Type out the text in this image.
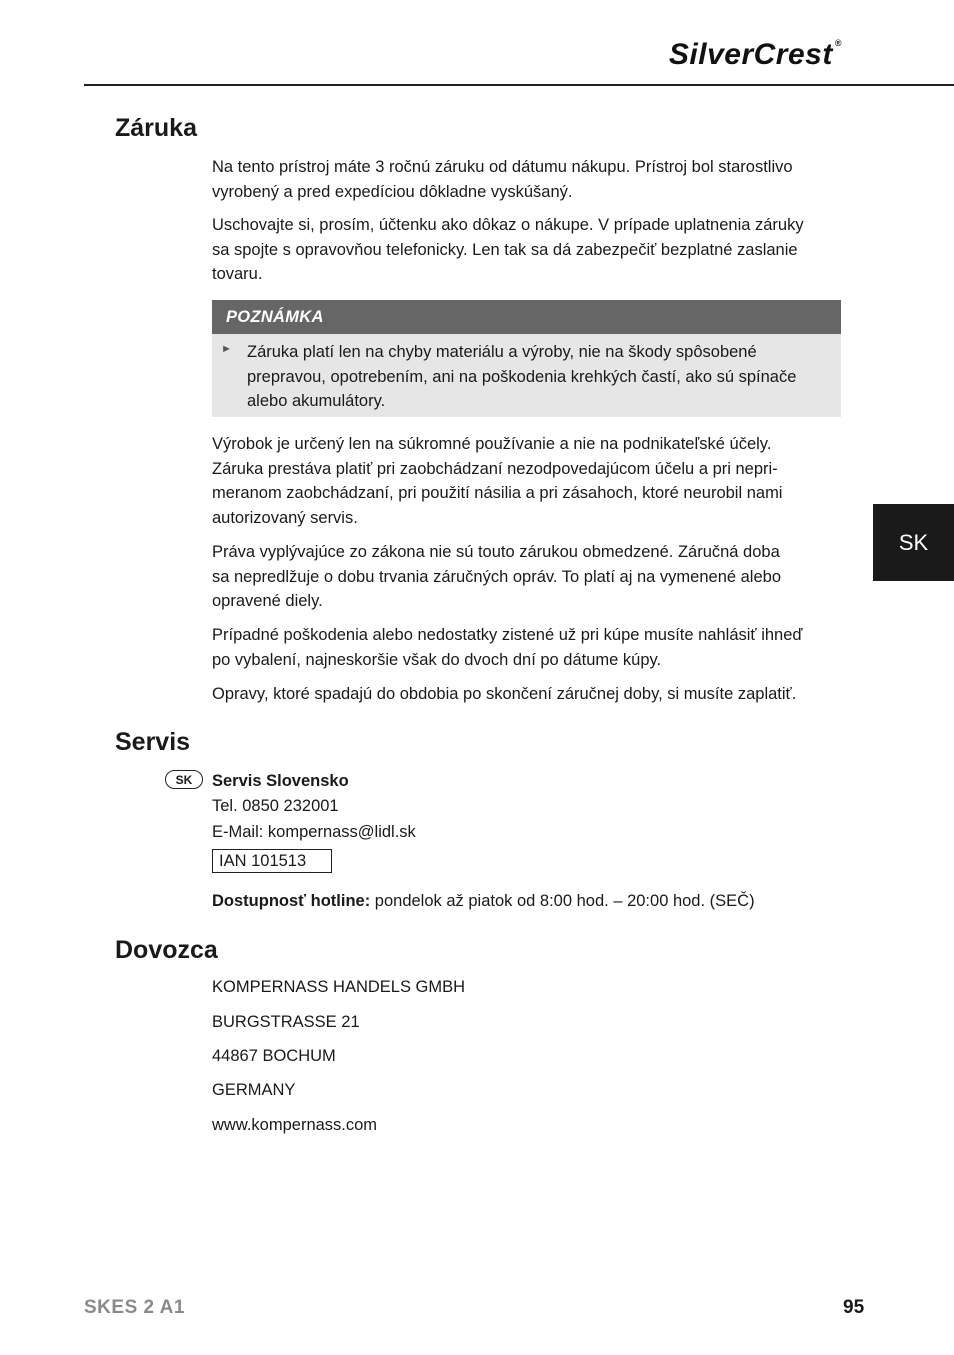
SilverCrest ®
SK
Záruka
Na tento prístroj máte 3 ročnú záruku od dátumu nákupu. Prístroj bol starostlivo
vyrobený a pred expedíciou dôkladne vyskúšaný.
Uschovajte si, prosím, účtenku ako dôkaz o nákupe. V prípade uplatnenia záruky
sa spojte s opravovňou telefonicky. Len tak sa dá zabezpečiť bezplatné zaslanie
tovaru.
POZNÁMKA
► Záruka platí len na chyby materiálu a výroby, nie na škody spôsobené
prepravou, opotrebením, ani na poškodenia krehkých častí, ako sú spínače
alebo akumulátory.
Výrobok je určený len na súkromné používanie a nie na podnikateľské účely.
Záruka prestáva platiť pri zaobchádzaní nezodpovedajúcom účelu a pri nepri-
meranom zaobchádzaní, pri použití násilia a pri zásahoch, ktoré neurobil nami
autorizovaný servis.
Práva vyplývajúce zo zákona nie sú touto zárukou obmedzené. Záručná doba
sa nepredlžuje o dobu trvania záručných opráv. To platí aj na vymenené alebo
opravené diely.
Prípadné poškodenia alebo nedostatky zistené už pri kúpe musíte nahlásiť ihneď
po vybalení, najneskoršie však do dvoch dní po dátume kúpy.
Opravy, ktoré spadajú do obdobia po skončení záručnej doby, si musíte zaplatiť.
Servis
SK	Servis Slovensko
Tel. 0850 232001
E-Mail: kompernass@lidl.sk
IAN 101513
Dostupnosť hotline: pondelok až piatok od 8:00 hod. – 20:00 hod. (SEČ)
Dovozca
KOMPERNASS HANDELS GMBH
BURGSTRASSE 21
44867 BOCHUM
GERMANY
www.kompernass.com
SKES 2 A1	95
